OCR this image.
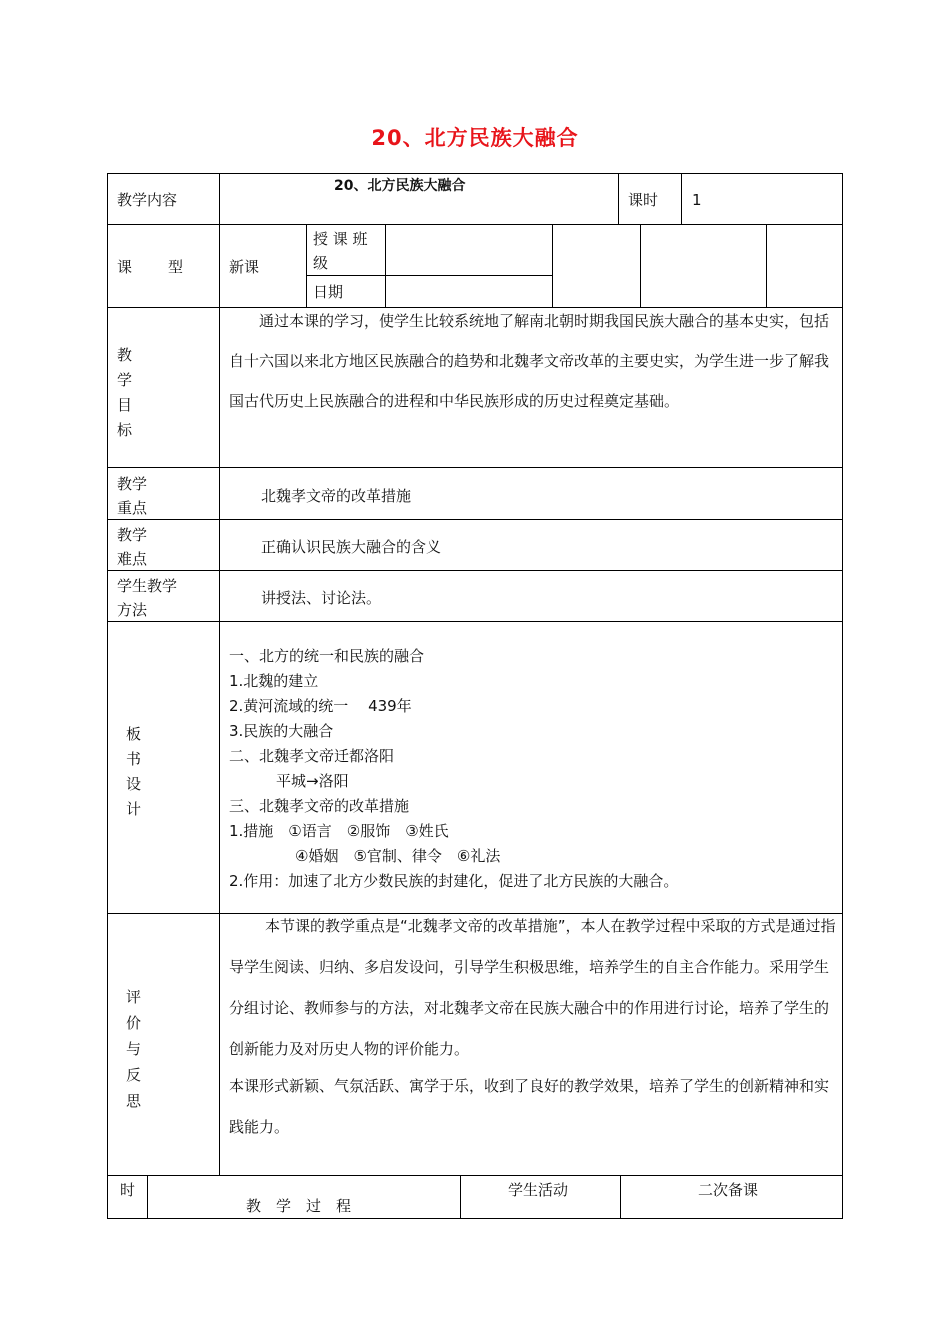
20、北方民族大融合
教学内容
20、北方民族大融合
课时 1
课 型	新课
授 课 班
级
日期
教
学
目
标
通过本课的学习，使学生比较系统地了解南北朝时期我国民族大融合的基本史实，包括自十六国以来北方地区民族融合的趋势和北魏孝文帝改革的主要史实，为学生进一步了解我国古代历史上民族融合的进程和中华民族形成的历史过程奠定基础。
教学
重点
北魏孝文帝的改革措施
教学
难点
正确认识民族大融合的含义
学生教学
方法
讲授法、讨论法。
板
书
设
计
一、北方的统一和民族的融合
1.北魏的建立
2.黄河流域的统一　 439年
3.民族的大融合
二、北魏孝文帝迁都洛阳
平城→洛阳
三、北魏孝文帝的改革措施
1.措施　①语言　②服饰　③姓氏
④婚姻　⑤官制、律令　⑥礼法
2.作用：加速了北方少数民族的封建化，促进了北方民族的大融合。
评
价
与
反
思
本节课的教学重点是“北魏孝文帝的改革措施”，本人在教学过程中采取的方式是通过指导学生阅读、归纳、多启发设问，引导学生积极思维，培养学生的自主合作能力。采用学生分组讨论、教师参与的方法，对北魏孝文帝在民族大融合中的作用进行讨论，培养了学生的创新能力及对历史人物的评价能力。
本课形式新颖、气氛活跃、寓学于乐，收到了良好的教学效果，培养了学生的创新精神和实践能力。
时
教　学　过　程
学生活动	二次备课
